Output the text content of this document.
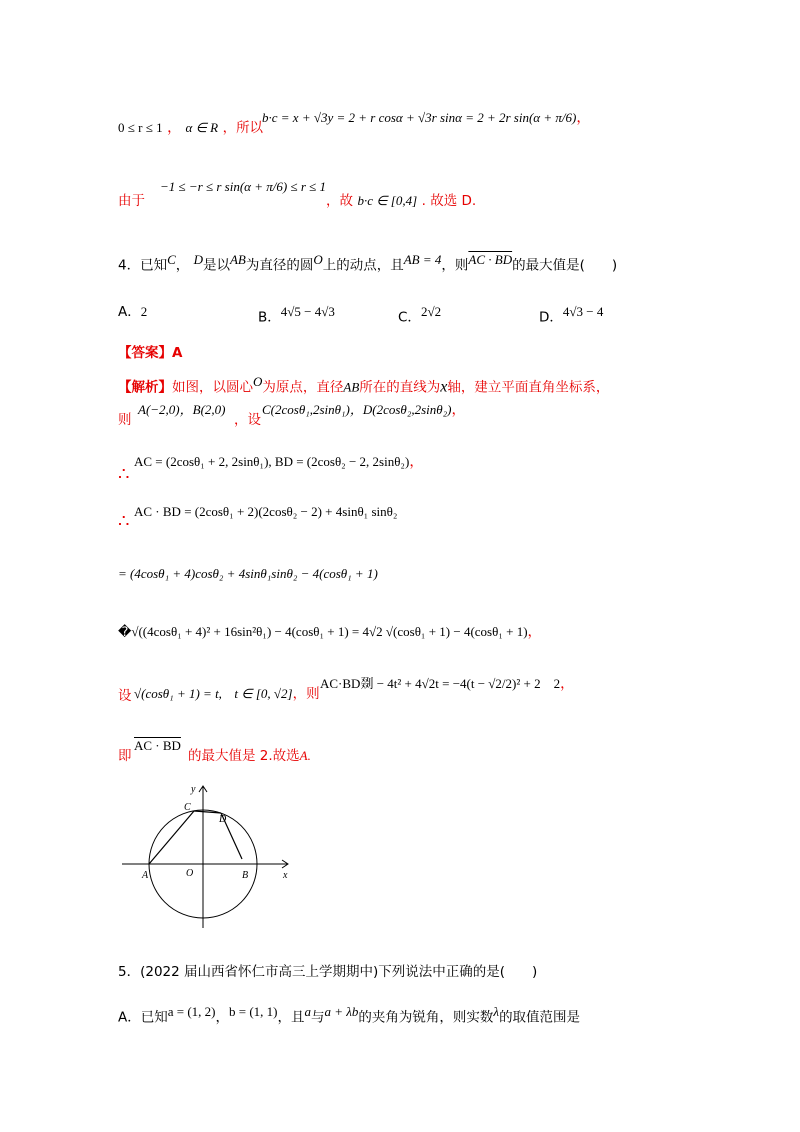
0 ≤ r ≤ 1 ， α ∈ R ，所以
b·c = x + √3y = 2 + r cosα + √3r sinα = 2 + 2r sin(α + π/6)，
由于
−1 ≤ −r ≤ r sin(α + π/6) ≤ r ≤ 1
，故 b·c ∈ [0,4] . 故选 D.
4．已知$^C$， $^D$是以$^{AB}$为直径的圆$^O$上的动点，且$^{AB = 4}$，则$^{AC \cdot BD}$的最大值是(　　)
A．2	B．$^{4√5 - 4√3}$	C．$^{2√2}$	D．$^{4√3 - 4}$
【答案】A
【解析】如图，以圆心$^O$为原点，直径AB所在的直线为x轴，建立平面直角坐标系，
则
A(−2,0)，B(2,0)
，设
C(2cosθ₁,2sinθ₁)，D(2cosθ₂,2sinθ₂)，
∴
AC = (2cosθ₁ + 2, 2sinθ₁), BD = (2cosθ₂ − 2, 2sinθ₂)，
∴ AC · BD = (2cosθ₁ + 2)(2cosθ₂ − 2) + 4sinθ₁ sinθ₂
= (4cosθ₁ + 4)cosθ₂ + 4sinθ₁sinθ₂ − 4(cosθ₁ + 1)
�√((4cosθ₁ + 4)² + 16sin²θ₁) − 4(cosθ₁ + 1) = 4√2 √(cosθ₁ + 1) − 4(cosθ₁ + 1)，
设 √(cosθ₁ + 1) = t, t ∈ [0, √2]，则
AC·BD剟 − 4t² + 4√2t = −4(t − √2/2)² + 2　2，
即
AC · BD
的最大值是 2.故选A.
y
x
C
D
A	O	B
5．(2022 届山西省怀仁市高三上学期期中)下列说法中正确的是(　　)
A．已知$^{a = (1, 2)}$，$^{b = (1, 1)}$，且$^a$与$^{a + \lambda b}$的夹角为锐角，则实数$^\lambda$的取值范围是
